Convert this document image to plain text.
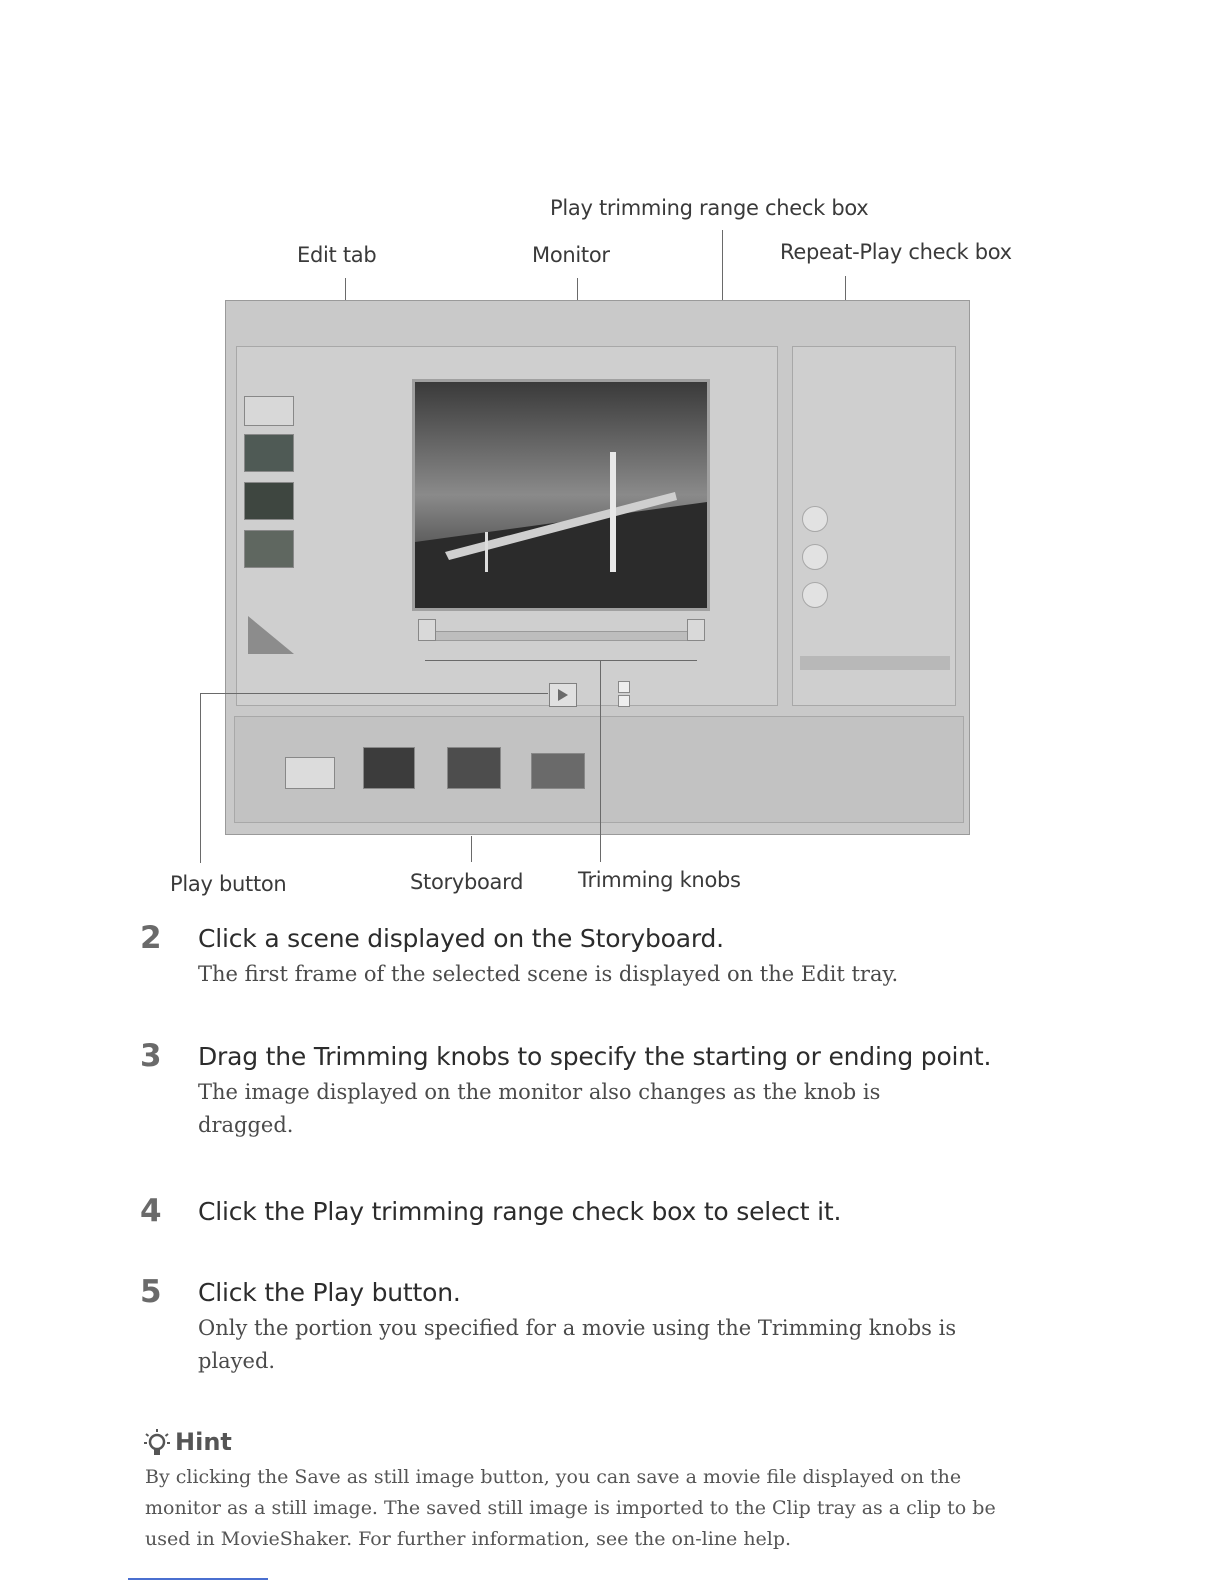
Play trimming range check box
Edit tab	Monitor	Repeat-Play check box
Play button	Storyboard	Trimming knobs
2 Click a scene displayed on the Storyboard.
The first frame of the selected scene is displayed on the Edit tray.
3 Drag the Trimming knobs to specify the starting or ending point.
The image displayed on the monitor also changes as the knob is
dragged.
4 Click the Play trimming range check box to select it.
5 Click the Play button.
Only the portion you specified for a movie using the Trimming knobs is
played.
Hint
By clicking the Save as still image button, you can save a movie file displayed on the
monitor as a still image. The saved still image is imported to the Clip tray as a clip to be
used in MovieShaker. For further information, see the on-line help.
